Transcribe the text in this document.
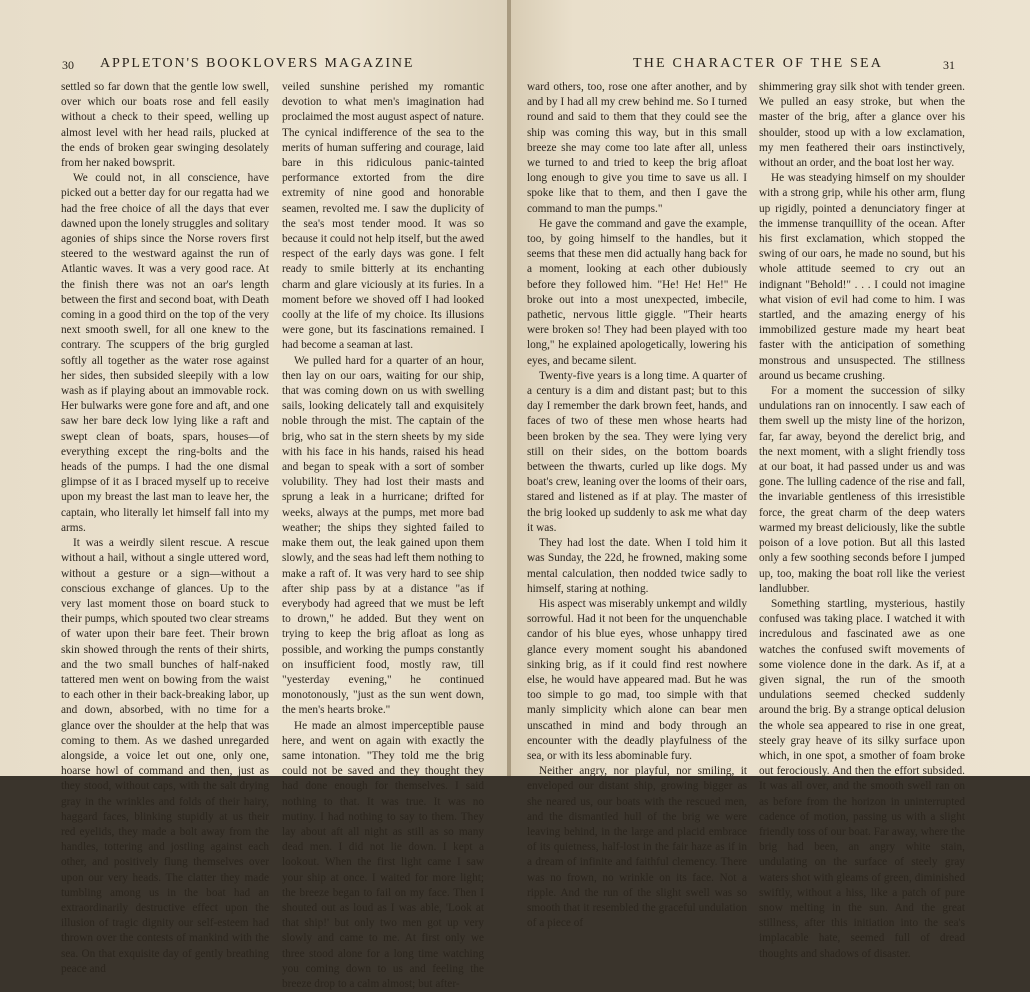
30 APPLETON'S BOOKLOVERS MAGAZINE

settled so far down that the gentle low swell, over which our boats rose and fell easily without a check to their speed, welling up almost level with her head rails, plucked at the ends of broken gear swinging desolately from her naked bowsprit.

We could not, in all conscience, have picked out a better day for our regatta had we had the free choice of all the days that ever dawned upon the lonely struggles and solitary agonies of ships since the Norse rovers first steered to the westward against the run of Atlantic waves. It was a very good race. At the finish there was not an oar's length between the first and second boat, with Death coming in a good third on the top of the very next smooth swell, for all one knew to the contrary. The scuppers of the brig gurgled softly all together as the water rose against her sides, then subsided sleepily with a low wash as if playing about an immovable rock. Her bulwarks were gone fore and aft, and one saw her bare deck low lying like a raft and swept clean of boats, spars, houses—of everything except the ring-bolts and the heads of the pumps. I had the one dismal glimpse of it as I braced myself up to receive upon my breast the last man to leave her, the captain, who literally let himself fall into my arms.

It was a weirdly silent rescue. A rescue without a hail, without a single uttered word, without a gesture or a sign—without a conscious exchange of glances. Up to the very last moment those on board stuck to their pumps, which spouted two clear streams of water upon their bare feet. Their brown skin showed through the rents of their shirts, and the two small bunches of half-naked tattered men went on bowing from the waist to each other in their back-breaking labor, up and down, absorbed, with no time for a glance over the shoulder at the help that was coming to them. As we dashed unregarded alongside, a voice let out one, only one, hoarse howl of command and then, just as they stood, without caps, with the salt drying gray in the wrinkles and folds of their hairy, haggard faces, blinking stupidly at us their red eyelids, they made a bolt away from the handles, tottering and jostling against each other, and positively flung themselves over upon our very heads. The clatter they made tumbling among us in the boat had an extraordinarily destructive effect upon the illusion of tragic dignity our self-esteem had thrown over the contests of mankind with the sea. On that exquisite day of gently breathing peace and

veiled sunshine perished my romantic devotion to what men's imagination had proclaimed the most august aspect of nature. The cynical indifference of the sea to the merits of human suffering and courage, laid bare in this ridiculous panic-tainted performance extorted from the dire extremity of nine good and honorable seamen, revolted me. I saw the duplicity of the sea's most tender mood. It was so because it could not help itself, but the awed respect of the early days was gone. I felt ready to smile bitterly at its enchanting charm and glare viciously at its furies. In a moment before we shoved off I had looked coolly at the life of my choice. Its illusions were gone, but its fascinations remained. I had become a seaman at last.

We pulled hard for a quarter of an hour, then lay on our oars, waiting for our ship, that was coming down on us with swelling sails, looking delicately tall and exquisitely noble through the mist. The captain of the brig, who sat in the stern sheets by my side with his face in his hands, raised his head and began to speak with a sort of somber volubility. They had lost their masts and sprung a leak in a hurricane; drifted for weeks, always at the pumps, met more bad weather; the ships they sighted failed to make them out, the leak gained upon them slowly, and the seas had left them nothing to make a raft of. It was very hard to see ship after ship pass by at a distance "as if everybody had agreed that we must be left to drown," he added. But they went on trying to keep the brig afloat as long as possible, and working the pumps constantly on insufficient food, mostly raw, till "yesterday evening," he continued monotonously, "just as the sun went down, the men's hearts broke."

He made an almost imperceptible pause here, and went on again with exactly the same intonation. "They told me the brig could not be saved and they thought they had done enough for themselves. I said nothing to that. It was true. It was no mutiny. I had nothing to say to them. They lay about aft all night as still as so many dead men. I did not lie down. I kept a lookout. When the first light came I saw your ship at once. I waited for more light; the breeze began to fail on my face. Then I shouted out as loud as I was able, 'Look at that ship!' but only two men got up very slowly and came to me. At first only we three stood alone for a long time watching you coming down to us and feeling the breeze drop to a calm almost; but after-

THE CHARACTER OF THE SEA	31

ward others, too, rose one after another, and by and by I had all my crew behind me. So I turned round and said to them that they could see the ship was coming this way, but in this small breeze she may come too late after all, unless we turned to and tried to keep the brig afloat long enough to give you time to save us all. I spoke like that to them, and then I gave the command to man the pumps."

He gave the command and gave the example, too, by going himself to the handles, but it seems that these men did actually hang back for a moment, looking at each other dubiously before they followed him. "He! He! He!" He broke out into a most unexpected, imbecile, pathetic, nervous little giggle. "Their hearts were broken so! They had been played with too long," he explained apologetically, lowering his eyes, and became silent.

Twenty-five years is a long time. A quarter of a century is a dim and distant past; but to this day I remember the dark brown feet, hands, and faces of two of these men whose hearts had been broken by the sea. They were lying very still on their sides, on the bottom boards between the thwarts, curled up like dogs. My boat's crew, leaning over the looms of their oars, stared and listened as if at play. The master of the brig looked up suddenly to ask me what day it was.

They had lost the date. When I told him it was Sunday, the 22d, he frowned, making some mental calculation, then nodded twice sadly to himself, staring at nothing.

His aspect was miserably unkempt and wildly sorrowful. Had it not been for the unquenchable candor of his blue eyes, whose unhappy tired glance every moment sought his abandoned sinking brig, as if it could find rest nowhere else, he would have appeared mad. But he was too simple to go mad, too simple with that manly simplicity which alone can bear men unscathed in mind and body through an encounter with the deadly playfulness of the sea, or with its less abominable fury.

Neither angry, nor playful, nor smiling, it enveloped our distant ship, growing bigger as she neared us, our boats with the rescued men, and the dismantled hull of the brig we were leaving behind, in the large and placid embrace of its quietness, half-lost in the fair haze as if in a dream of infinite and faithful clemency. There was no frown, no wrinkle on its face. Not a ripple. And the run of the slight swell was so smooth that it resembled the graceful undulation of a piece of

shimmering gray silk shot with tender green. We pulled an easy stroke, but when the master of the brig, after a glance over his shoulder, stood up with a low exclamation, my men feathered their oars instinctively, without an order, and the boat lost her way.

He was steadying himself on my shoulder with a strong grip, while his other arm, flung up rigidly, pointed a denunciatory finger at the immense tranquillity of the ocean. After his first exclamation, which stopped the swing of our oars, he made no sound, but his whole attitude seemed to cry out an indignant "Behold!" . . . I could not imagine what vision of evil had come to him. I was startled, and the amazing energy of his immobilized gesture made my heart beat faster with the anticipation of something monstrous and unsuspected. The stillness around us became crushing.

For a moment the succession of silky undulations ran on innocently. I saw each of them swell up the misty line of the horizon, far, far away, beyond the derelict brig, and the next moment, with a slight friendly toss at our boat, it had passed under us and was gone. The lulling cadence of the rise and fall, the invariable gentleness of this irresistible force, the great charm of the deep waters warmed my breast deliciously, like the subtle poison of a love potion. But all this lasted only a few soothing seconds before I jumped up, too, making the boat roll like the veriest landlubber.

Something startling, mysterious, hastily confused was taking place. I watched it with incredulous and fascinated awe as one watches the confused swift movements of some violence done in the dark. As if, at a given signal, the run of the smooth undulations seemed checked suddenly around the brig. By a strange optical delusion the whole sea appeared to rise in one great, steely gray heave of its silky surface upon which, in one spot, a smother of foam broke out ferociously. And then the effort subsided. It was all over, and the smooth swell ran on as before from the horizon in uninterrupted cadence of motion, passing us with a slight friendly toss of our boat. Far away, where the brig had been, an angry white stain, undulating on the surface of steely gray waters shot with gleams of green, diminished swiftly, without a hiss, like a patch of pure snow melting in the sun. And the great stillness, after this initiation into the sea's implacable hate, seemed full of dread thoughts and shadows of disaster.
